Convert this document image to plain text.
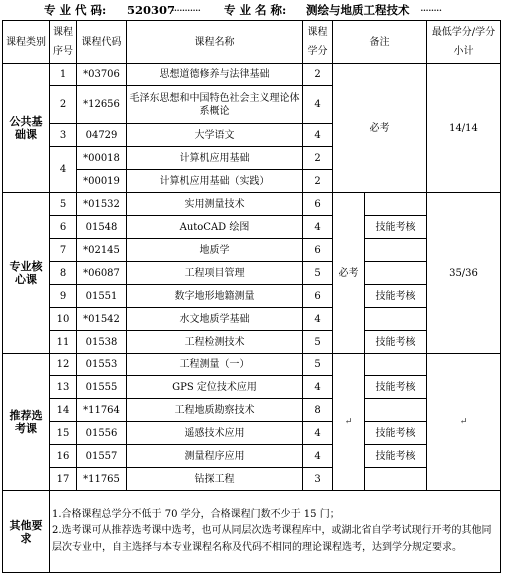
专 业 代 码: 520307
··········· 专 业 名 称: 测绘与地质工程技术 ········
课程类别	课程序号	课程代码	课程名称	课程学分	备注		最低学分/学分小计
公共基础课	1	*03706	思想道德修养与法律基础	2	必考		14/14
	2	*12656	毛泽东思想和中国特色社会主义理论体系概论	4			
	3	04729	大学语文	4			
	4	*00018	计算机应用基础	2			
		*00019	计算机应用基础（实践）	2			
专业核心课	5	*01532	实用测量技术	6	必考		35/36
	6	01548	AutoCAD 绘图	4		技能考核	
	7	*02145	地质学	6			
	8	*06087	工程项目管理	5			
	9	01551	数字地形地籍测量	6		技能考核	
	10	*01542	水文地质学基础	4			
	11	01538	工程检测技术	5		技能考核	
推荐选考课	12	01553	工程测量（一）	5	↵		↵
	13	01555	GPS 定位技术应用	4		技能考核	
	14	*11764	工程地质勘察技术	8			
	15	01556	遥感技术应用	4		技能考核	
	16	01557	测量程序应用	4		技能考核	
	17	*11765	钻探工程	3			
其他要求	1.合格课程总学分不低于 70 学分，合格课程门数不少于 15 门；

2.选考课可从推荐选考课中选考，也可从同层次选考课程库中，或湖北省自学考试现行开考的其他同层次专业中，自主选择与本专业课程名称及代码不相同的理论课程选考，达到学分规定要求。						
